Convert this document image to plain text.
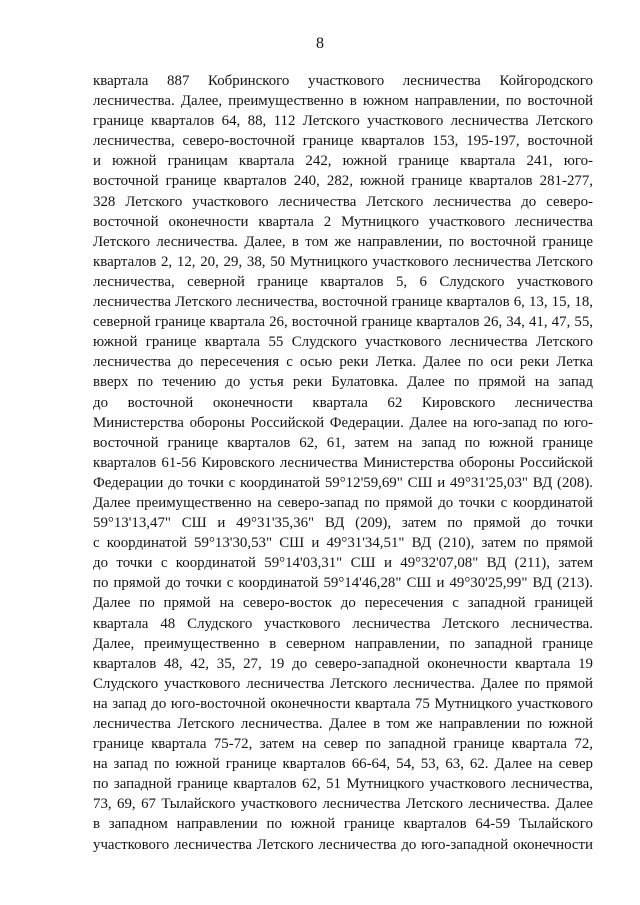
8
квартала 887 Кобринского участкового лесничества Койгородского
лесничества. Далее, преимущественно в южном направлении, по восточной
границе кварталов 64, 88, 112 Летского участкового лесничества Летского
лесничества, северо-восточной границе кварталов 153, 195-197, восточной
и южной границам квартала 242, южной границе квартала 241, юго-
восточной границе кварталов 240, 282, южной границе кварталов 281-277,
328 Летского участкового лесничества Летского лесничества до северо-
восточной оконечности квартала 2 Мутницкого участкового лесничества
Летского лесничества. Далее, в том же направлении, по восточной границе
кварталов 2, 12, 20, 29, 38, 50 Мутницкого участкового лесничества Летского
лесничества, северной границе кварталов 5, 6 Слудского участкового
лесничества Летского лесничества, восточной границе кварталов 6, 13, 15, 18,
северной границе квартала 26, восточной границе кварталов 26, 34, 41, 47, 55,
южной границе квартала 55 Слудского участкового лесничества Летского
лесничества до пересечения с осью реки Летка. Далее по оси реки Летка
вверх по течению до устья реки Булатовка. Далее по прямой на запад
до восточной оконечности квартала 62 Кировского лесничества
Министерства обороны Российской Федерации. Далее на юго-запад по юго-
восточной границе кварталов 62, 61, затем на запад по южной границе
кварталов 61-56 Кировского лесничества Министерства обороны Российской
Федерации до точки с координатой 59°12'59,69" СШ и 49°31'25,03" ВД (208).
Далее преимущественно на северо-запад по прямой до точки с координатой
59°13'13,47" СШ и 49°31'35,36" ВД (209), затем по прямой до точки
с координатой 59°13'30,53" СШ и 49°31'34,51" ВД (210), затем по прямой
до точки с координатой 59°14'03,31" СШ и 49°32'07,08" ВД (211), затем
по прямой до точки с координатой 59°14'46,28" СШ и 49°30'25,99" ВД (213).
Далее по прямой на северо-восток до пересечения с западной границей
квартала 48 Слудского участкового лесничества Летского лесничества.
Далее, преимущественно в северном направлении, по западной границе
кварталов 48, 42, 35, 27, 19 до северо-западной оконечности квартала 19
Слудского участкового лесничества Летского лесничества. Далее по прямой
на запад до юго-восточной оконечности квартала 75 Мутницкого участкового
лесничества Летского лесничества. Далее в том же направлении по южной
границе квартала 75-72, затем на север по западной границе квартала 72,
на запад по южной границе кварталов 66-64, 54, 53, 63, 62. Далее на север
по западной границе кварталов 62, 51 Мутницкого участкового лесничества,
73, 69, 67 Тылайского участкового лесничества Летского лесничества. Далее
в западном направлении по южной границе кварталов 64-59 Тылайского
участкового лесничества Летского лесничества до юго-западной оконечности
